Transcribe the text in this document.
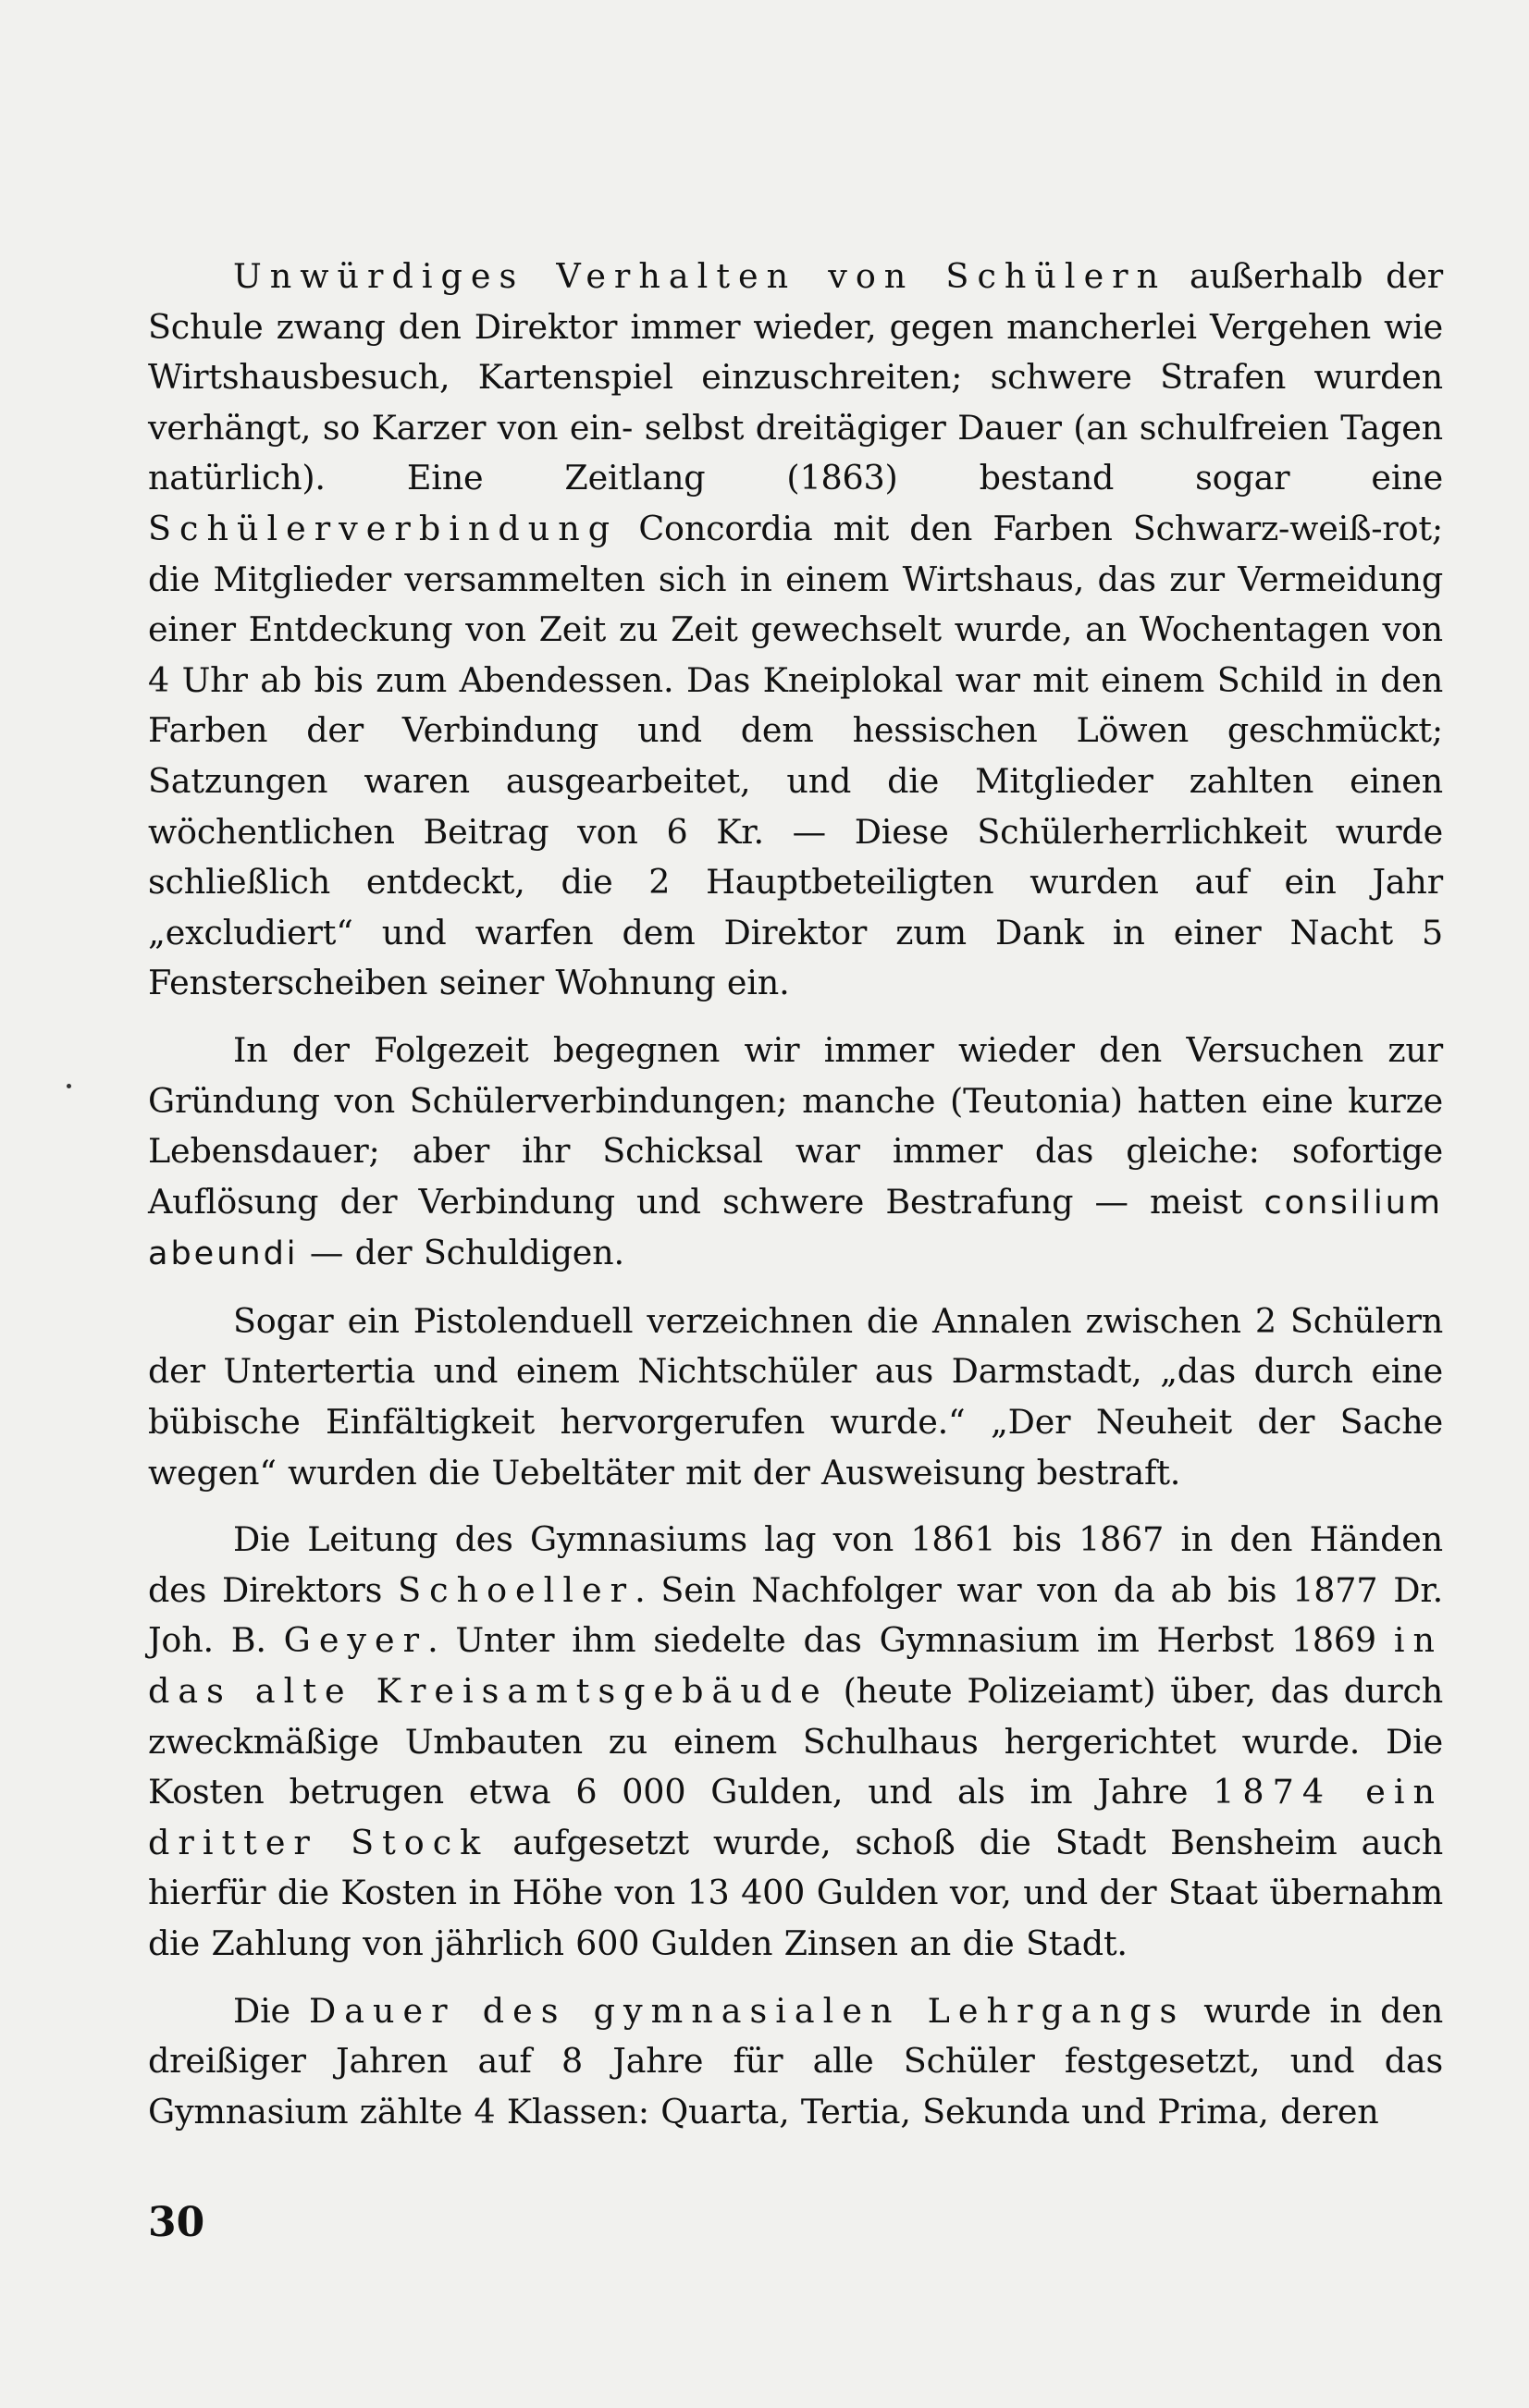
Unwürdiges Verhalten von Schülern außerhalb der Schule zwang den Direktor immer wieder, gegen mancherlei Vergehen wie Wirtshausbesuch, Kartenspiel einzuschreiten; schwere Strafen wurden verhängt, so Karzer von ein- selbst dreitägiger Dauer (an schulfreien Tagen natürlich). Eine Zeitlang (1863) bestand sogar eine Schülerverbindung Concordia mit den Farben Schwarz-weiß-rot; die Mitglieder versammelten sich in einem Wirtshaus, das zur Vermeidung einer Entdeckung von Zeit zu Zeit gewechselt wurde, an Wochentagen von 4 Uhr ab bis zum Abendessen. Das Kneiplokal war mit einem Schild in den Farben der Verbindung und dem hessischen Löwen geschmückt; Satzungen waren ausgearbeitet, und die Mitglieder zahlten einen wöchentlichen Beitrag von 6 Kr. — Diese Schülerherrlichkeit wurde schließlich entdeckt, die 2 Hauptbeteiligten wurden auf ein Jahr „excludiert“ und warfen dem Direktor zum Dank in einer Nacht 5 Fensterscheiben seiner Wohnung ein.

In der Folgezeit begegnen wir immer wieder den Versuchen zur Gründung von Schülerverbindungen; manche (Teutonia) hatten eine kurze Lebensdauer; aber ihr Schicksal war immer das gleiche: sofortige Auflösung der Verbindung und schwere Bestrafung — meist consilium abeundi — der Schuldigen.

Sogar ein Pistolenduell verzeichnen die Annalen zwischen 2 Schülern der Untertertia und einem Nichtschüler aus Darmstadt, „das durch eine bübische Einfältigkeit hervorgerufen wurde.“ „Der Neuheit der Sache wegen“ wurden die Uebeltäter mit der Ausweisung bestraft.

Die Leitung des Gymnasiums lag von 1861 bis 1867 in den Händen des Direktors Schoeller. Sein Nachfolger war von da ab bis 1877 Dr. Joh. B. Geyer. Unter ihm siedelte das Gymnasium im Herbst 1869 in das alte Kreisamtsgebäude (heute Polizeiamt) über, das durch zweckmäßige Umbauten zu einem Schulhaus hergerichtet wurde. Die Kosten betrugen etwa 6 000 Gulden, und als im Jahre 1874 ein dritter Stock aufgesetzt wurde, schoß die Stadt Bensheim auch hierfür die Kosten in Höhe von 13 400 Gulden vor, und der Staat übernahm die Zahlung von jährlich 600 Gulden Zinsen an die Stadt.

Die Dauer des gymnasialen Lehrgangs wurde in den dreißiger Jahren auf 8 Jahre für alle Schüler festgesetzt, und das Gymnasium zählte 4 Klassen: Quarta, Tertia, Sekunda und Prima, deren

30
